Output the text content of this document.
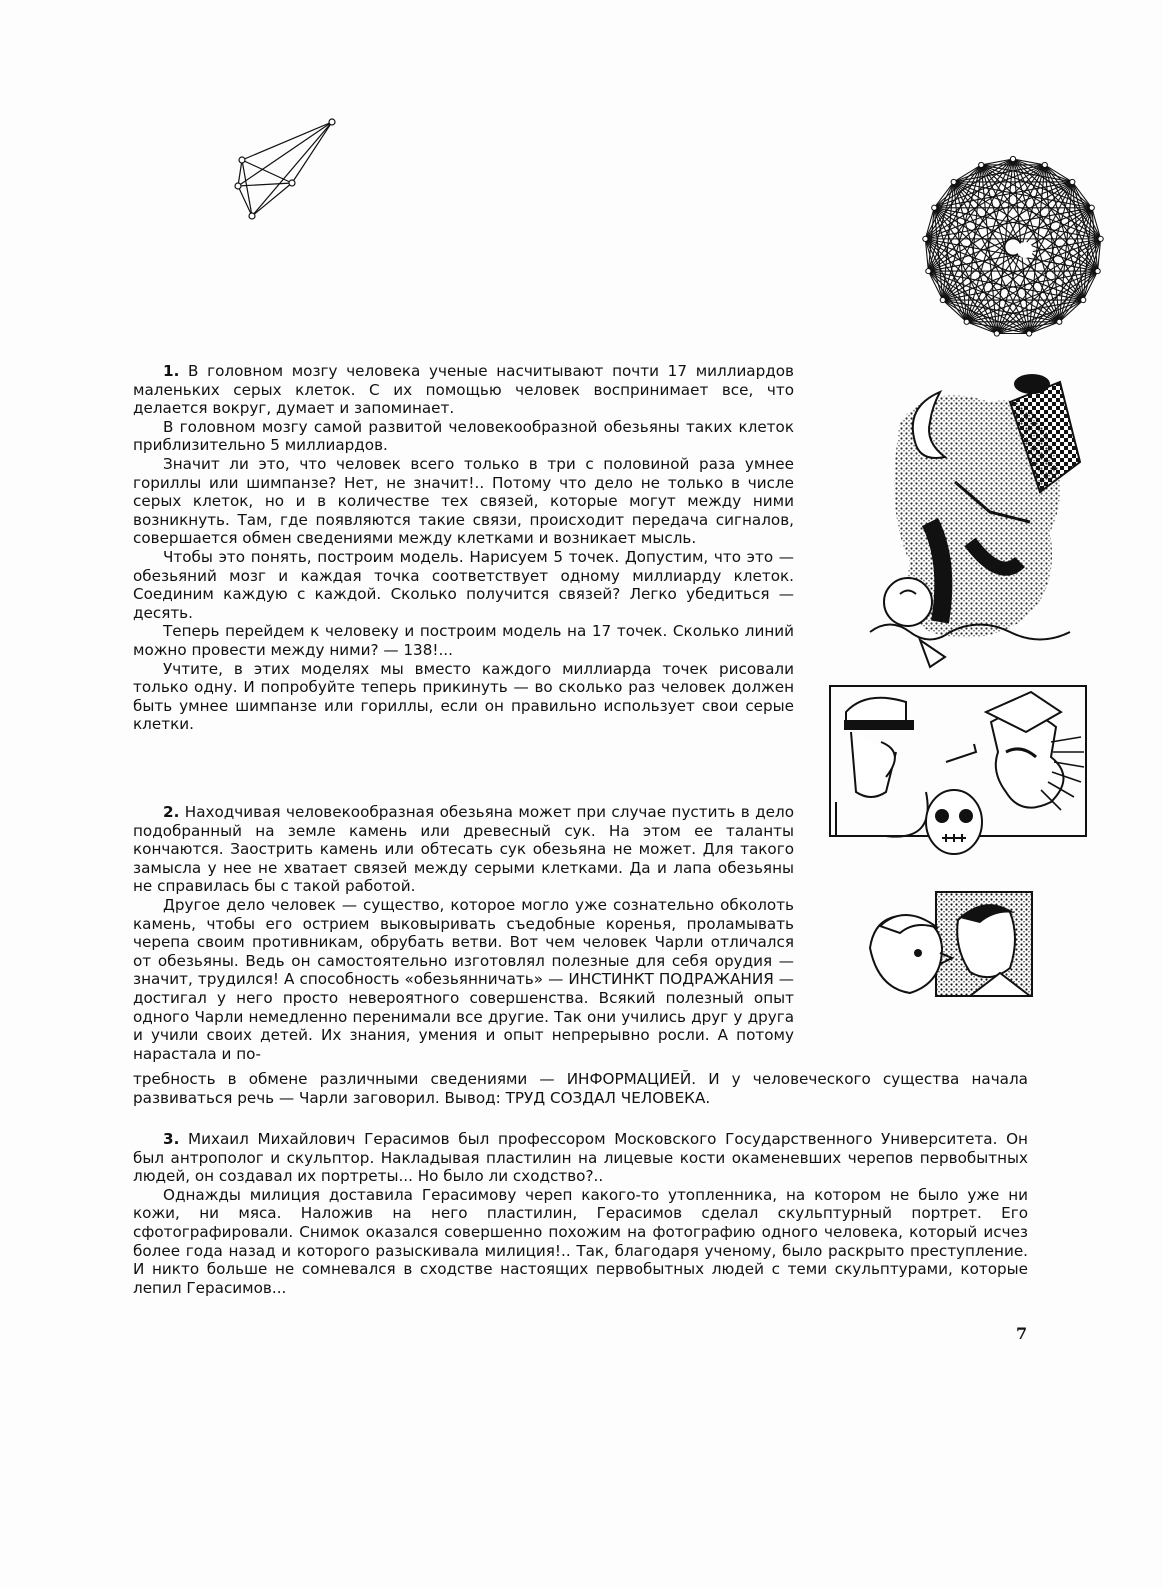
1. В головном мозгу человека ученые насчитывают почти 17 миллиардов маленьких серых клеток. С их помощью человек воспринимает все, что делается вокруг, думает и запоминает.

В головном мозгу самой развитой человекообразной обезьяны таких клеток приблизительно 5 миллиардов.

Значит ли это, что человек всего только в три с половиной раза умнее гориллы или шимпанзе? Нет, не значит!.. Потому что дело не только в числе серых клеток, но и в количестве тех связей, которые могут между ними возникнуть. Там, где появляются такие связи, происходит передача сигналов, совершается обмен сведениями между клетками и возникает мысль.

Чтобы это понять, построим модель. Нарисуем 5 точек. Допустим, что это — обезьяний мозг и каждая точка соответствует одному миллиарду клеток. Соединим каждую с каждой. Сколько получится связей? Легко убедиться — десять.

Теперь перейдем к человеку и построим модель на 17 точек. Сколько линий можно провести между ними? — 138!...

Учтите, в этих моделях мы вместо каждого миллиарда точек рисовали только одну. И попробуйте теперь прикинуть — во сколько раз человек должен быть умнее шимпанзе или гориллы, если он правильно использует свои серые клетки.

2. Находчивая человекообразная обезьяна может при случае пустить в дело подобранный на земле камень или древесный сук. На этом ее таланты кончаются. Заострить камень или обтесать сук обезьяна не может. Для такого замысла у нее не хватает связей между серыми клетками. Да и лапа обезьяны не справилась бы с такой работой.

Другое дело человек — существо, которое могло уже сознательно обколоть камень, чтобы его острием выковыривать съедобные коренья, проламывать черепа своим противникам, обрубать ветви. Вот чем человек Чарли отличался от обезьяны. Ведь он самостоятельно изготовлял полезные для себя орудия — значит, трудился! А способность «обезьянничать» — ИНСТИНКТ ПОДРАЖАНИЯ — достигал у него просто невероятного совершенства. Всякий полезный опыт одного Чарли немедленно перенимали все другие. Так они учились друг у друга и учили своих детей. Их знания, умения и опыт непрерывно росли. А потому нарастала и по-

требность в обмене различными сведениями — ИНФОРМАЦИЕЙ. И у человеческого существа начала развиваться речь — Чарли заговорил. Вывод: ТРУД СОЗДАЛ ЧЕЛОВЕКА.

3. Михаил Михайлович Герасимов был профессором Московского Государственного Университета. Он был антрополог и скульптор. Накладывая пластилин на лицевые кости окаменевших черепов первобытных людей, он создавал их портреты... Но было ли сходство?..

Однажды милиция доставила Герасимову череп какого-то утопленника, на котором не было уже ни кожи, ни мяса. Наложив на него пластилин, Герасимов сделал скульптурный портрет. Его сфотографировали. Снимок оказался совершенно похожим на фотографию одного человека, который исчез более года назад и которого разыскивала милиция!.. Так, благодаря ученому, было раскрыто преступление. И никто больше не сомневался в сходстве настоящих первобытных людей с теми скульптурами, которые лепил Герасимов...

7
